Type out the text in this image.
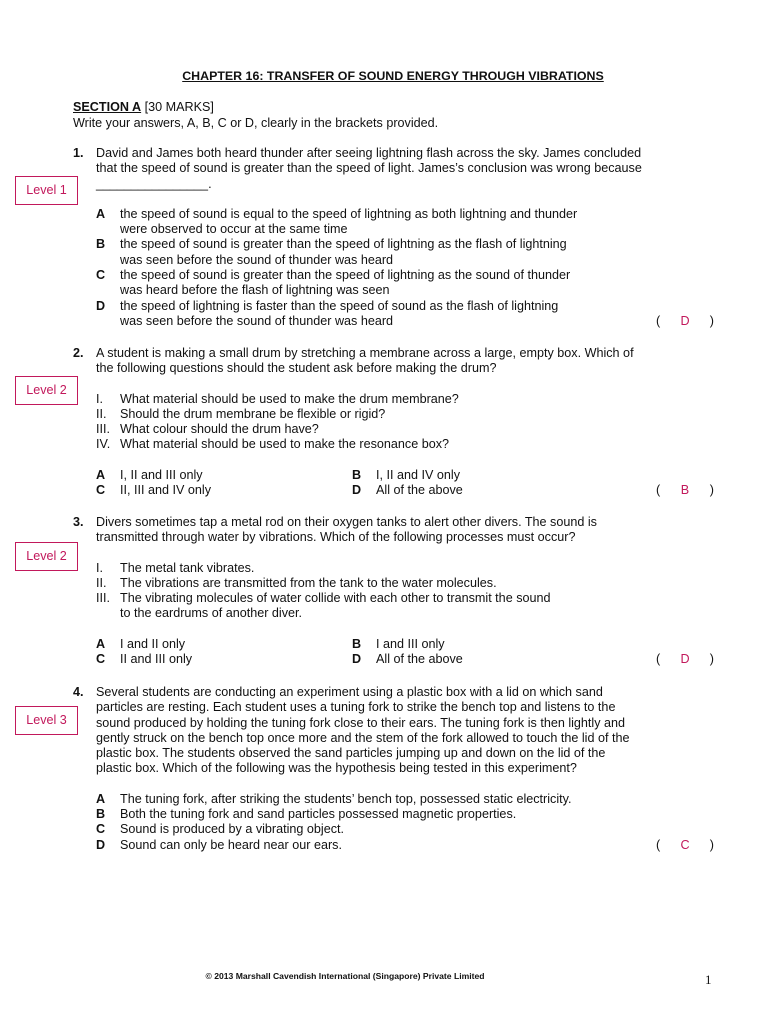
CHAPTER 16: TRANSFER OF SOUND ENERGY THROUGH VIBRATIONS
SECTION A [30 MARKS]
Write your answers, A, B, C or D, clearly in the brackets provided.
Level 1
1. David and James both heard thunder after seeing lightning flash across the sky. James concluded
that the speed of sound is greater than the speed of light. James’s conclusion was wrong because
________________.
A the speed of sound is equal to the speed of lightning as both lightning and thunder
were observed to occur at the same time
B the speed of sound is greater than the speed of lightning as the flash of lightning
was seen before the sound of thunder was heard
C the speed of sound is greater than the speed of lightning as the sound of thunder
was heard before the flash of lightning was seen
D the speed of lightning is faster than the speed of sound as the flash of lightning
was seen before the sound of thunder was heard	( D )
Level 2
2. A student is making a small drum by stretching a membrane across a large, empty box. Which of
the following questions should the student ask before making the drum?
I. What material should be used to make the drum membrane?
II. Should the drum membrane be flexible or rigid?
III. What colour should the drum have?
IV. What material should be used to make the resonance box?
A I, II and III only	B I, II and IV only
C II, III and IV only	D All of the above	( B )
Level 2
3. Divers sometimes tap a metal rod on their oxygen tanks to alert other divers. The sound is
transmitted through water by vibrations. Which of the following processes must occur?
I. The metal tank vibrates.
II. The vibrations are transmitted from the tank to the water molecules.
III. The vibrating molecules of water collide with each other to transmit the sound
to the eardrums of another diver.
A I and II only	B I and III only
C II and III only	D All of the above	( D )
Level 3
4. Several students are conducting an experiment using a plastic box with a lid on which sand
particles are resting. Each student uses a tuning fork to strike the bench top and listens to the
sound produced by holding the tuning fork close to their ears. The tuning fork is then lightly and
gently struck on the bench top once more and the stem of the fork allowed to touch the lid of the
plastic box. The students observed the sand particles jumping up and down on the lid of the
plastic box. Which of the following was the hypothesis being tested in this experiment?
A The tuning fork, after striking the students’ bench top, possessed static electricity.
B Both the tuning fork and sand particles possessed magnetic properties.
C Sound is produced by a vibrating object.
D Sound can only be heard near our ears.	( C )
© 2013 Marshall Cavendish International (Singapore) Private Limited	1
